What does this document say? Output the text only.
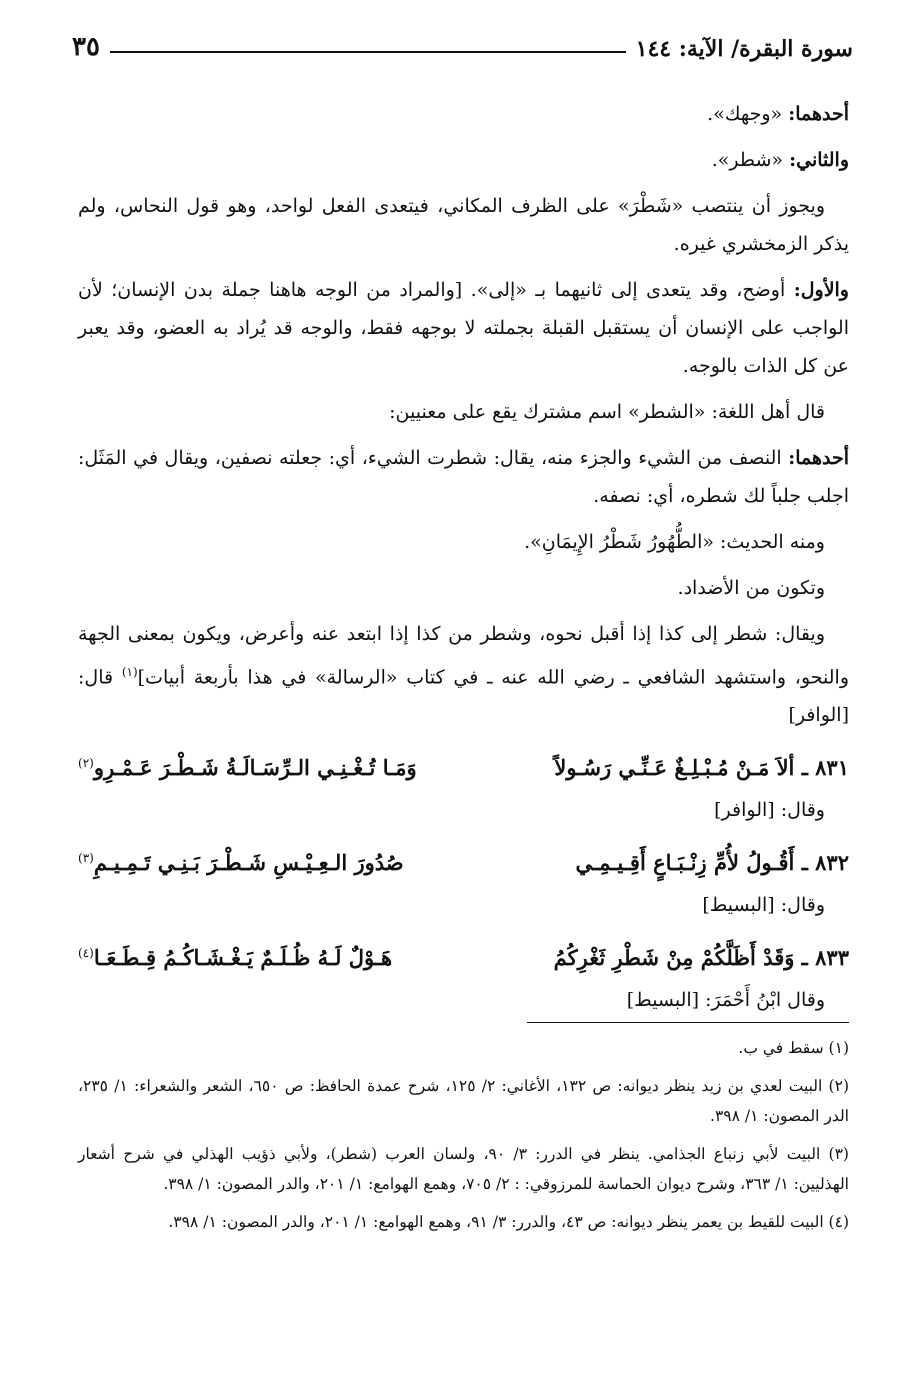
سورة البقرة/ الآية: ١٤٤
٣٥

أحدهما: «وجهك».

والثاني: «شطر».

ويجوز أن ينتصب «شَطْرَ» على الظرف المكاني، فيتعدى الفعل لواحد، وهو قول النحاس، ولم يذكر الزمخشري غيره.

والأول: أوضح، وقد يتعدى إلى ثانيهما بـ «إلى». [والمراد من الوجه هاهنا جملة بدن الإنسان؛ لأن الواجب على الإنسان أن يستقبل القبلة بجملته لا بوجهه فقط، والوجه قد يُراد به العضو، وقد يعبر عن كل الذات بالوجه.

قال أهل اللغة: «الشطر» اسم مشترك يقع على معنيين:

أحدهما: النصف من الشيء والجزء منه، يقال: شطرت الشيء، أي: جعلته نصفين، ويقال في المَثَل: اجلب جلباً لك شطره، أي: نصفه.

ومنه الحديث: «الطُّهُورُ شَطْرُ الإِيمَانِ».

وتكون من الأضداد.

ويقال: شطر إلى كذا إذا أقبل نحوه، وشطر من كذا إذا ابتعد عنه وأعرض، ويكون بمعنى الجهة والنحو، واستشهد الشافعي ـ رضي الله عنه ـ في كتاب «الرسالة» في هذا بأربعة أبيات]$^{(١)}$ قال: [الوافر]

٨٣١ ـ ألاَ مَـنْ مُـبْـلِـغٌ عَـنِّـي رَسُـولاً
وَمَـا تُـغْـنِـي الـرِّسَـالَـةُ شَـطْـرَ عَـمْـرِو$^{(٢)}$
وقال: [الوافر]
٨٣٢ ـ أَقُـولُ لأُمِّ زِنْـبَـاعٍ أَقِـيـمِـي
صُدُورَ الـعِـيْـسِ شَـطْـرَ بَـنِـي تَـمِـيـمِ$^{(٣)}$
وقال: [البسيط]
٨٣٣ ـ وَقَدْ أَظَلَّكُمْ مِنْ شَطْرِ ثَغْرِكُمُ
هَـوْلٌ لَـهُ ظُـلَـمٌ يَـغْـشَـاكُـمُ قِـطَـعَـا$^{(٤)}$
وقال ابْنُ أَحْمَرَ: [البسيط]

(١) سقط في ب.

(٢) البيت لعدي بن زيد ينظر ديوانه: ص ١٣٢، الأغاني: ٢/ ١٢٥، شرح عمدة الحافظ: ص ٦٥٠، الشعر والشعراء: ١/ ٢٣٥، الدر المصون: ١/ ٣٩٨.

(٣) البيت لأبي زنباع الجذامي. ينظر في الدرر: ٣/ ٩٠، ولسان العرب (شطر)، ولأبي ذؤيب الهذلي في شرح أشعار الهذليين: ١/ ٣٦٣، وشرح ديوان الحماسة للمرزوقي: : ٢/ ٧٠٥، وهمع الهوامع: ١/ ٢٠١، والدر المصون: ١/ ٣٩٨.

(٤) البيت للقيط بن يعمر ينظر ديوانه: ص ٤٣، والدرر: ٣/ ٩١، وهمع الهوامع: ١/ ٢٠١، والدر المصون: ١/ ٣٩٨.
